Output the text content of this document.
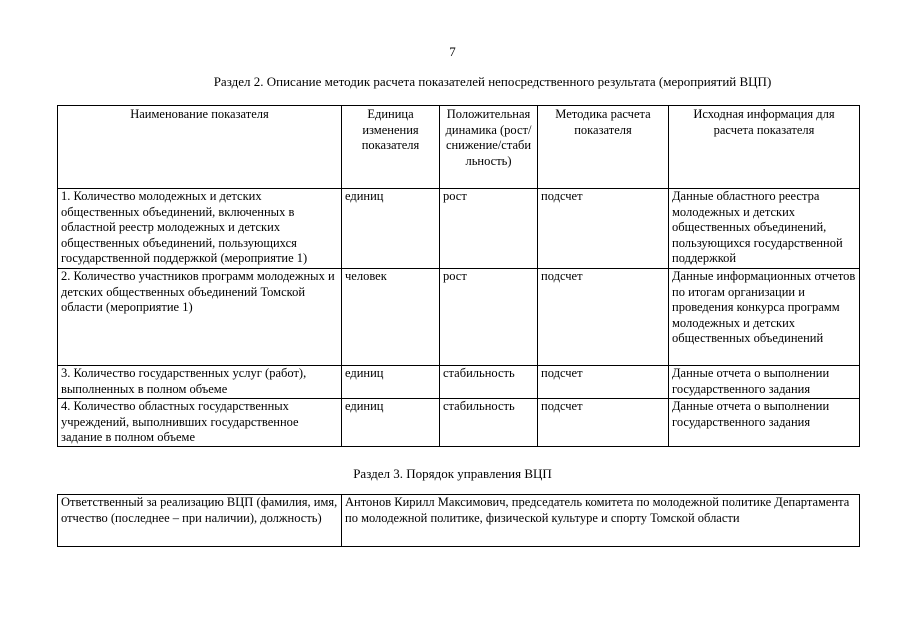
7
Раздел 2. Описание методик расчета показателей непосредственного результата (мероприятий ВЦП)
Наименование показателя	Единица изменения показателя	Положительная динамика (рост/снижение/стабильность)	Методика расчета показателя	Исходная информация для расчета показателя
1. Количество молодежных и детских общественных объединений, включенных в областной реестр молодежных и детских общественных объединений, пользующихся государственной поддержкой (мероприятие 1)	единиц	рост	подсчет	Данные областного реестра молодежных и детских общественных объединений, пользующихся государственной поддержкой
2. Количество участников программ молодежных и детских общественных объединений Томской области (мероприятие 1)	человек	рост	подсчет	Данные информационных отчетов по итогам организации и проведения конкурса программ молодежных и детских общественных объединений
3. Количество государственных услуг (работ), выполненных в полном объеме	единиц	стабильность	подсчет	Данные отчета о выполнении государственного задания
4. Количество областных государственных учреждений, выполнивших государственное задание в полном объеме	единиц	стабильность	подсчет	Данные отчета о выполнении государственного задания
Раздел 3. Порядок управления ВЦП
Ответственный за реализацию ВЦП (фамилия, имя, отчество (последнее – при наличии), должность)	Антонов Кирилл Максимович, председатель комитета по молодежной политике Департамента по молодежной политике, физической культуре и спорту Томской области
